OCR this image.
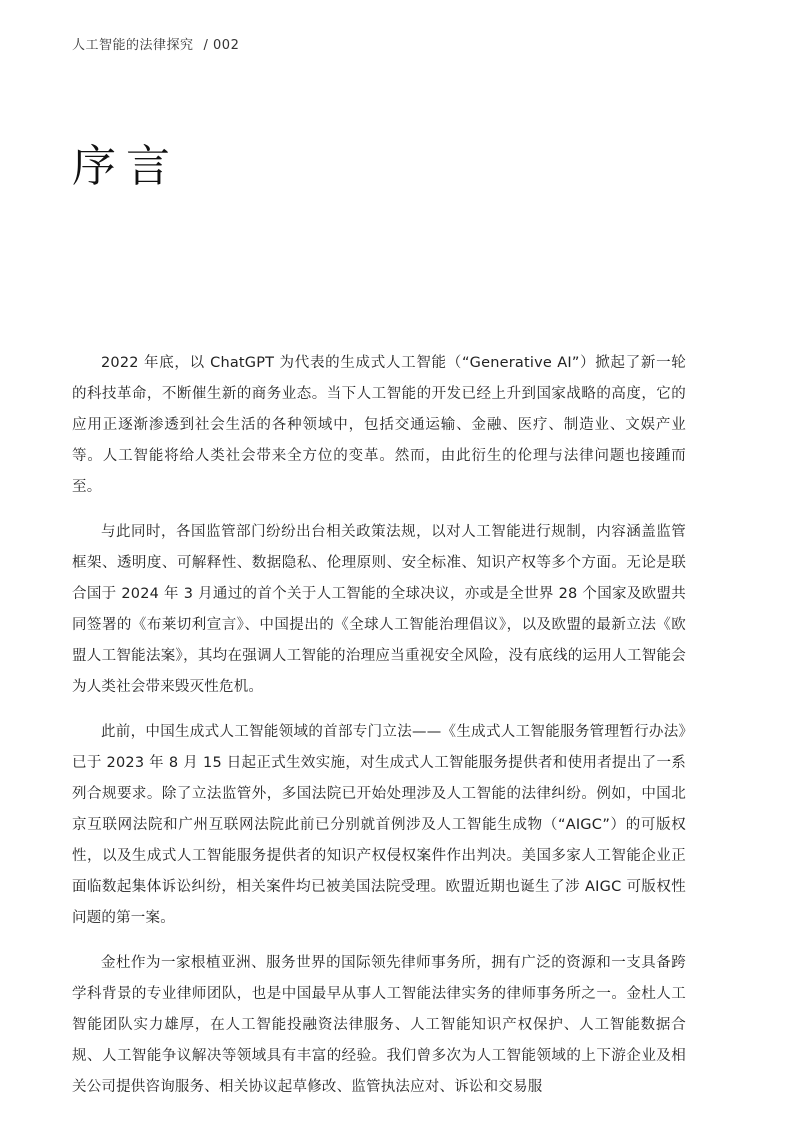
人工智能的法律探究 / 002
序言

2022 年底，以 ChatGPT 为代表的生成式人工智能（“Generative AI”）掀起了新一轮的科技革命，不断催生新的商务业态。当下人工智能的开发已经上升到国家战略的高度，它的应用正逐渐渗透到社会生活的各种领域中，包括交通运输、金融、医疗、制造业、文娱产业等。人工智能将给人类社会带来全方位的变革。然而，由此衍生的伦理与法律问题也接踵而至。

与此同时，各国监管部门纷纷出台相关政策法规，以对人工智能进行规制，内容涵盖监管框架、透明度、可解释性、数据隐私、伦理原则、安全标准、知识产权等多个方面。无论是联合国于 2024 年 3 月通过的首个关于人工智能的全球决议，亦或是全世界 28 个国家及欧盟共同签署的《布莱切利宣言》、中国提出的《全球人工智能治理倡议》，以及欧盟的最新立法《欧盟人工智能法案》，其均在强调人工智能的治理应当重视安全风险，没有底线的运用人工智能会为人类社会带来毁灭性危机。

此前，中国生成式人工智能领域的首部专门立法——《生成式人工智能服务管理暂行办法》已于 2023 年 8 月 15 日起正式生效实施，对生成式人工智能服务提供者和使用者提出了一系列合规要求。除了立法监管外，多国法院已开始处理涉及人工智能的法律纠纷。例如，中国北京互联网法院和广州互联网法院此前已分别就首例涉及人工智能生成物（“AIGC”）的可版权性，以及生成式人工智能服务提供者的知识产权侵权案件作出判决。美国多家人工智能企业正面临数起集体诉讼纠纷，相关案件均已被美国法院受理。欧盟近期也诞生了涉 AIGC 可版权性问题的第一案。

金杜作为一家根植亚洲、服务世界的国际领先律师事务所，拥有广泛的资源和一支具备跨学科背景的专业律师团队，也是中国最早从事人工智能法律实务的律师事务所之一。金杜人工智能团队实力雄厚，在人工智能投融资法律服务、人工智能知识产权保护、人工智能数据合规、人工智能争议解决等领域具有丰富的经验。我们曾多次为人工智能领域的上下游企业及相关公司提供咨询服务、相关协议起草修改、监管执法应对、诉讼和交易服
